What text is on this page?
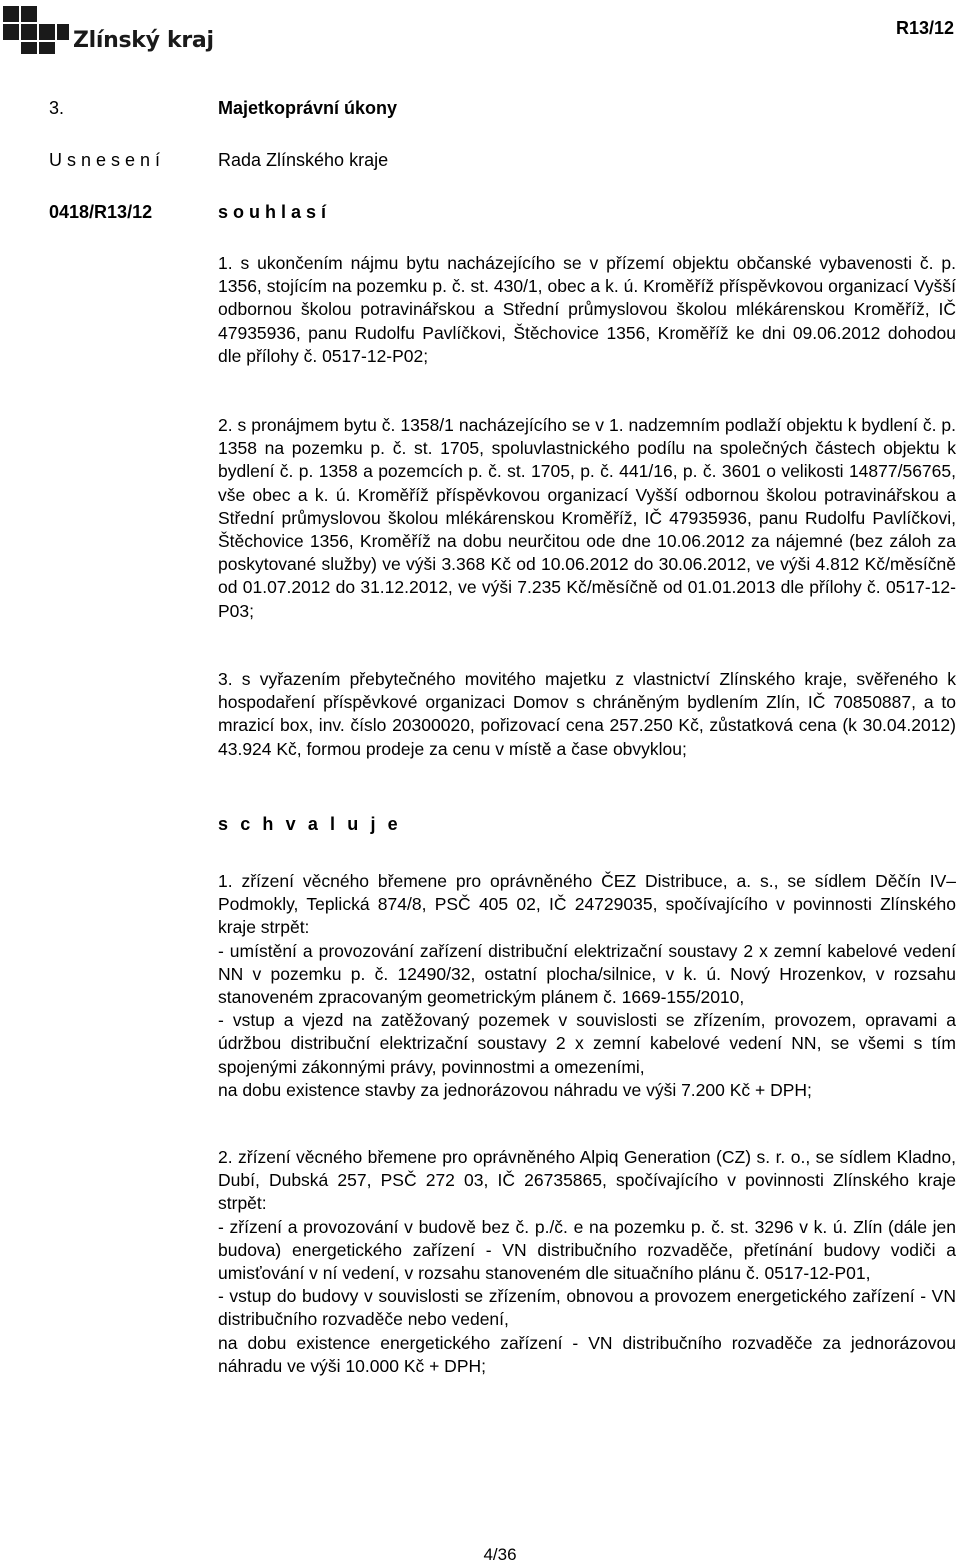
Zlínský kraj	R13/12
3.	Majetkoprávní úkony
U s n e s e n í	Rada Zlínského kraje
0418/R13/12	s o u h l a s í

1. s ukončením nájmu bytu nacházejícího se v přízemí objektu občanské vybavenosti č. p. 1356, stojícím na pozemku p. č. st. 430/1, obec a k. ú. Kroměříž příspěvkovou organizací Vyšší odbornou školou potravinářskou a Střední průmyslovou školou mlékárenskou Kroměříž, IČ 47935936, panu Rudolfu Pavlíčkovi, Štěchovice 1356, Kroměříž ke dni 09.06.2012 dohodou dle přílohy č. 0517-12-P02;

2. s pronájmem bytu č. 1358/1 nacházejícího se v 1. nadzemním podlaží objektu k bydlení č. p. 1358 na pozemku p. č. st. 1705, spoluvlastnického podílu na společných částech objektu k bydlení č. p. 1358 a pozemcích p. č. st. 1705, p. č. 441/16, p. č. 3601 o velikosti 14877/56765, vše obec a k. ú. Kroměříž příspěvkovou organizací Vyšší odbornou školou potravinářskou a Střední průmyslovou školou mlékárenskou Kroměříž, IČ 47935936, panu Rudolfu Pavlíčkovi, Štěchovice 1356, Kroměříž na dobu neurčitou ode dne 10.06.2012 za nájemné (bez záloh za poskytované služby) ve výši 3.368 Kč od 10.06.2012 do 30.06.2012, ve výši 4.812 Kč/měsíčně od 01.07.2012 do 31.12.2012, ve výši 7.235 Kč/měsíčně od 01.01.2013 dle přílohy č. 0517-12-P03;

3. s vyřazením přebytečného movitého majetku z vlastnictví Zlínského kraje, svěřeného k hospodaření příspěvkové organizaci Domov s chráněným bydlením Zlín, IČ 70850887, a to mrazicí box, inv. číslo 20300020, pořizovací cena 257.250 Kč, zůstatková cena (k 30.04.2012) 43.924 Kč, formou prodeje za cenu v místě a čase obvyklou;

s c h v a l u j e

1. zřízení věcného břemene pro oprávněného ČEZ Distribuce, a. s., se sídlem Děčín IV–Podmokly, Teplická 874/8, PSČ 405 02, IČ 24729035, spočívajícího v povinnosti Zlínského kraje strpět:

- umístění a provozování zařízení distribuční elektrizační soustavy 2 x zemní kabelové vedení NN v pozemku p. č. 12490/32, ostatní plocha/silnice, v k. ú. Nový Hrozenkov, v rozsahu stanoveném zpracovaným geometrickým plánem č. 1669-155/2010,

- vstup a vjezd na zatěžovaný pozemek v souvislosti se zřízením, provozem, opravami a údržbou distribuční elektrizační soustavy 2 x zemní kabelové vedení NN, se všemi s tím spojenými zákonnými právy, povinnostmi a omezeními,

na dobu existence stavby za jednorázovou náhradu ve výši 7.200 Kč + DPH;

2. zřízení věcného břemene pro oprávněného Alpiq Generation (CZ) s. r. o., se sídlem Kladno, Dubí, Dubská 257, PSČ 272 03, IČ 26735865, spočívajícího v povinnosti Zlínského kraje strpět:

- zřízení a provozování v budově bez č. p./č. e na pozemku p. č. st. 3296 v k. ú. Zlín (dále jen budova) energetického zařízení - VN distribučního rozvaděče, přetínání budovy vodiči a umisťování v ní vedení, v rozsahu stanoveném dle situačního plánu č. 0517-12-P01,

- vstup do budovy v souvislosti se zřízením, obnovou a provozem energetického zařízení - VN distribučního rozvaděče nebo vedení,

na dobu existence energetického zařízení - VN distribučního rozvaděče za jednorázovou náhradu ve výši 10.000 Kč + DPH;

4/36
